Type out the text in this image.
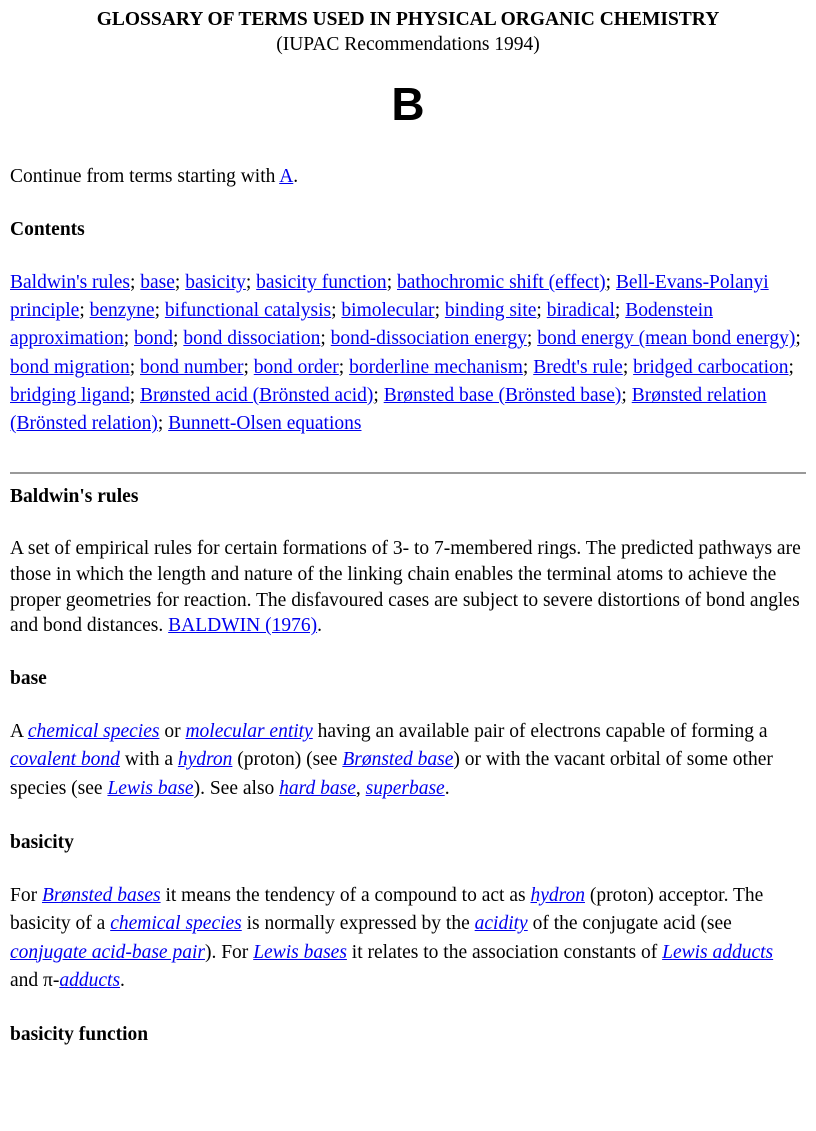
GLOSSARY OF TERMS USED IN PHYSICAL ORGANIC CHEMISTRY
(IUPAC Recommendations 1994)
B

Continue from terms starting with A.

Contents

Baldwin's rules; base; basicity; basicity function; bathochromic shift (effect); Bell-Evans-Polanyi principle; benzyne; bifunctional catalysis; bimolecular; binding site; biradical; Bodenstein approximation; bond; bond dissociation; bond-dissociation energy; bond energy (mean bond energy); bond migration; bond number; bond order; borderline mechanism; Bredt's rule; bridged carbocation; bridging ligand; Brønsted acid (Brönsted acid); Brønsted base (Brönsted base); Brønsted relation (Brönsted relation); Bunnett-Olsen equations

Baldwin's rules

A set of empirical rules for certain formations of 3- to 7-membered rings. The predicted pathways are those in which the length and nature of the linking chain enables the terminal atoms to achieve the proper geometries for reaction. The disfavoured cases are subject to severe distortions of bond angles and bond distances. BALDWIN (1976).

base

A chemical species or molecular entity having an available pair of electrons capable of forming a covalent bond with a hydron (proton) (see Brønsted base) or with the vacant orbital of some other species (see Lewis base). See also hard base, superbase.

basicity

For Brønsted bases it means the tendency of a compound to act as hydron (proton) acceptor. The basicity of a chemical species is normally expressed by the acidity of the conjugate acid (see conjugate acid-base pair). For Lewis bases it relates to the association constants of Lewis adducts and π-adducts.

basicity function
